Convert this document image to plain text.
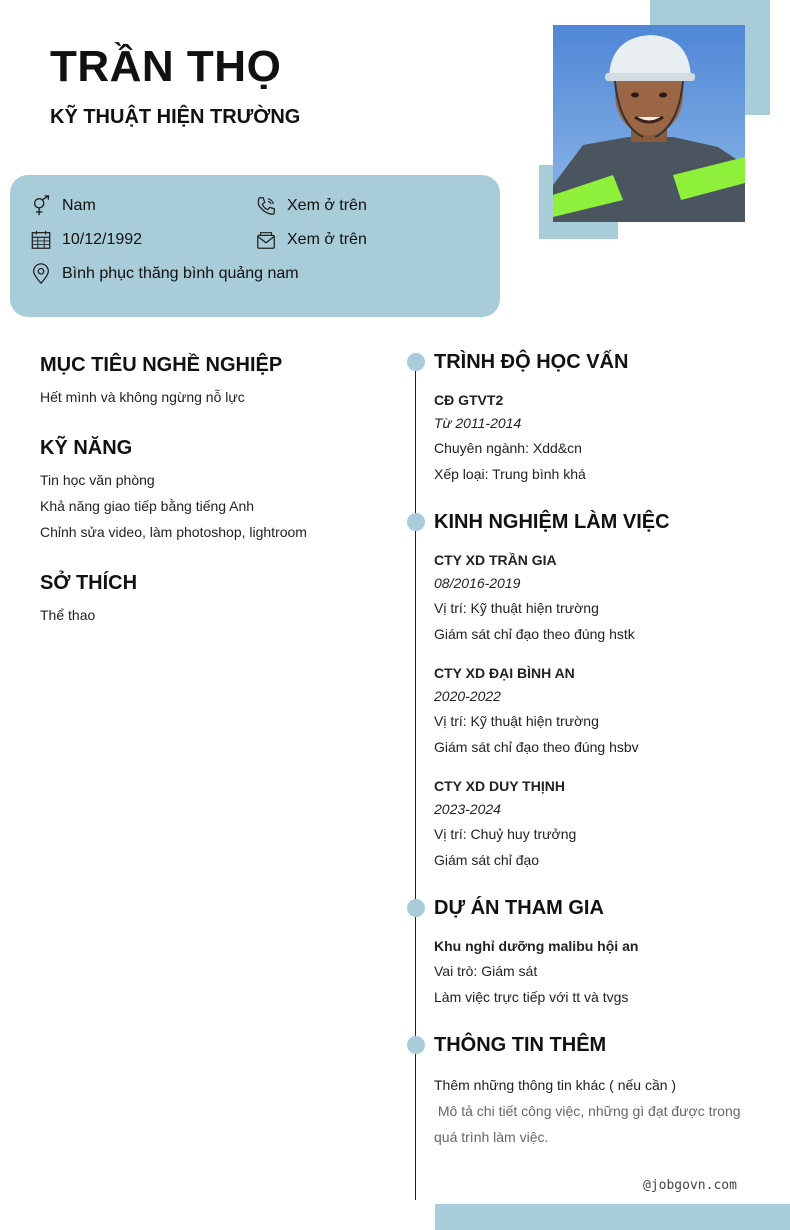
TRẦN THỌ
KỸ THUẬT HIỆN TRƯỜNG
Nam	Xem ở trên
10/12/1992	Xem ở trên
Bình phục thăng bình quảng nam
MỤC TIÊU NGHỀ NGHIỆP
Hết mình và không ngừng nỗ lực
KỸ NĂNG
Tin học văn phòng
Khả năng giao tiếp bằng tiếng Anh
Chỉnh sửa video, làm photoshop, lightroom
SỞ THÍCH
Thể thao
TRÌNH ĐỘ HỌC VẤN
CĐ GTVT2
Từ 2011-2014
Chuyên ngành: Xdd&cn
Xếp loại: Trung bình khá
KINH NGHIỆM LÀM VIỆC
CTY XD TRẦN GIA
08/2016-2019
Vị trí: Kỹ thuật hiện trường
Giám sát chỉ đạo theo đúng hstk
CTY XD ĐẠI BÌNH AN
2020-2022
Vị trí: Kỹ thuật hiện trường
Giám sát chỉ đạo theo đúng hsbv
CTY XD DUY THỊNH
2023-2024
Vị trí: Chuỷ huy trưởng
Giám sát chỉ đạo
DỰ ÁN THAM GIA
Khu nghỉ dưỡng malibu hội an
Vai trò: Giám sát
Làm việc trực tiếp với tt và tvgs
THÔNG TIN THÊM
Thêm những thông tin khác ( nếu cần )
Mô tả chi tiết công việc, những gì đạt được trong
quá trình làm việc.
@jobgovn.com
